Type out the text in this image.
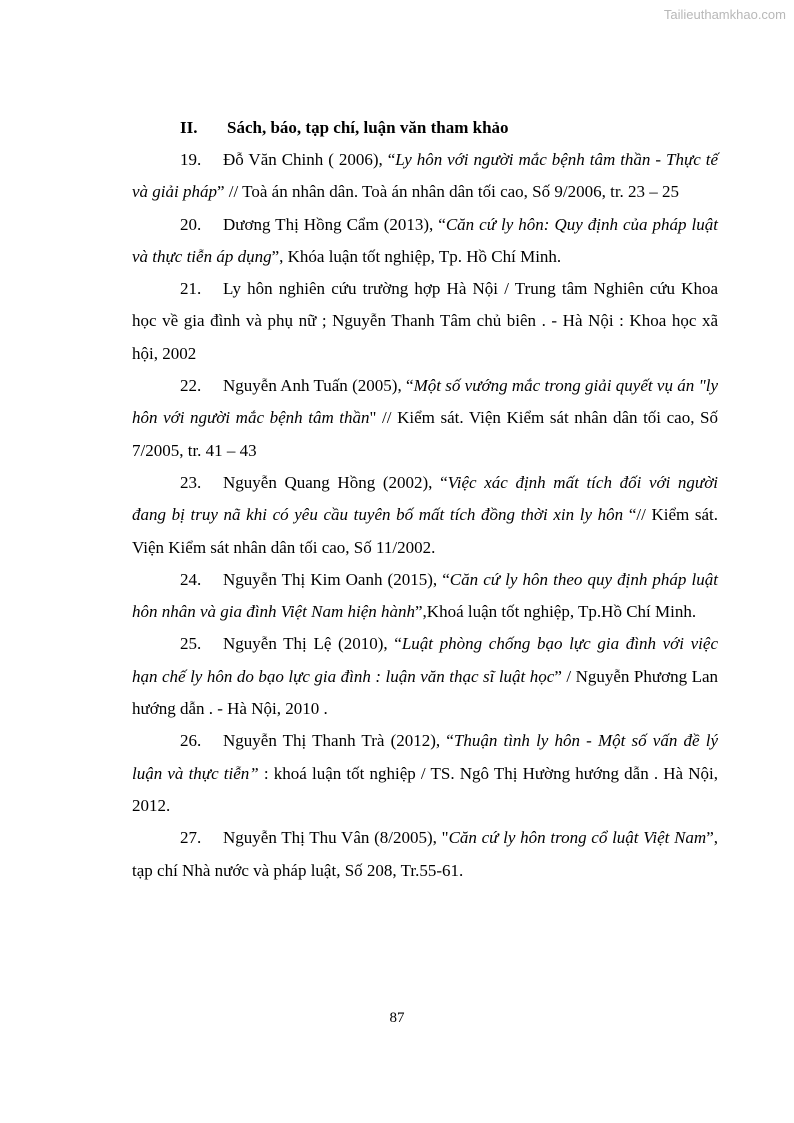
Tailieuthamkhao.com
II.	Sách, báo, tạp chí, luận văn tham khảo

19. Đỗ Văn Chinh ( 2006), “Ly hôn với người mắc bệnh tâm thần - Thực tế và giải pháp” // Toà án nhân dân. Toà án nhân dân tối cao, Số 9/2006, tr. 23 – 25

20. Dương Thị Hồng Cẩm (2013), “Căn cứ ly hôn: Quy định của pháp luật và thực tiễn áp dụng”, Khóa luận tốt nghiệp, Tp. Hồ Chí Minh.

21. Ly hôn nghiên cứu trường hợp Hà Nội / Trung tâm Nghiên cứu Khoa học về gia đình và phụ nữ ; Nguyễn Thanh Tâm chủ biên . - Hà Nội : Khoa học xã hội, 2002

22. Nguyễn Anh Tuấn (2005), “Một số vướng mắc trong giải quyết vụ án "ly hôn với người mắc bệnh tâm thần" // Kiểm sát. Viện Kiểm sát nhân dân tối cao, Số 7/2005, tr. 41 – 43

23. Nguyễn Quang Hồng (2002), “Việc xác định mất tích đối với người đang bị truy nã khi có yêu cầu tuyên bố mất tích đồng thời xin ly hôn “// Kiểm sát. Viện Kiểm sát nhân dân tối cao, Số 11/2002.

24. Nguyễn Thị Kim Oanh (2015), “Căn cứ ly hôn theo quy định pháp luật hôn nhân và gia đình Việt Nam hiện hành”,Khoá luận tốt nghiệp, Tp.Hồ Chí Minh.

25. Nguyễn Thị Lệ (2010), “Luật phòng chống bạo lực gia đình với việc hạn chế ly hôn do bạo lực gia đình : luận văn thạc sĩ luật học” / Nguyễn Phương Lan hướng dẫn . - Hà Nội, 2010 .

26. Nguyễn Thị Thanh Trà (2012), “Thuận tình ly hôn - Một số vấn đề lý luận và thực tiễn” : khoá luận tốt nghiệp / TS. Ngô Thị Hường hướng dẫn . Hà Nội, 2012.

27. Nguyễn Thị Thu Vân (8/2005), "Căn cứ ly hôn trong cổ luật Việt Nam”, tạp chí Nhà nước và pháp luật, Số 208, Tr.55-61.

87
